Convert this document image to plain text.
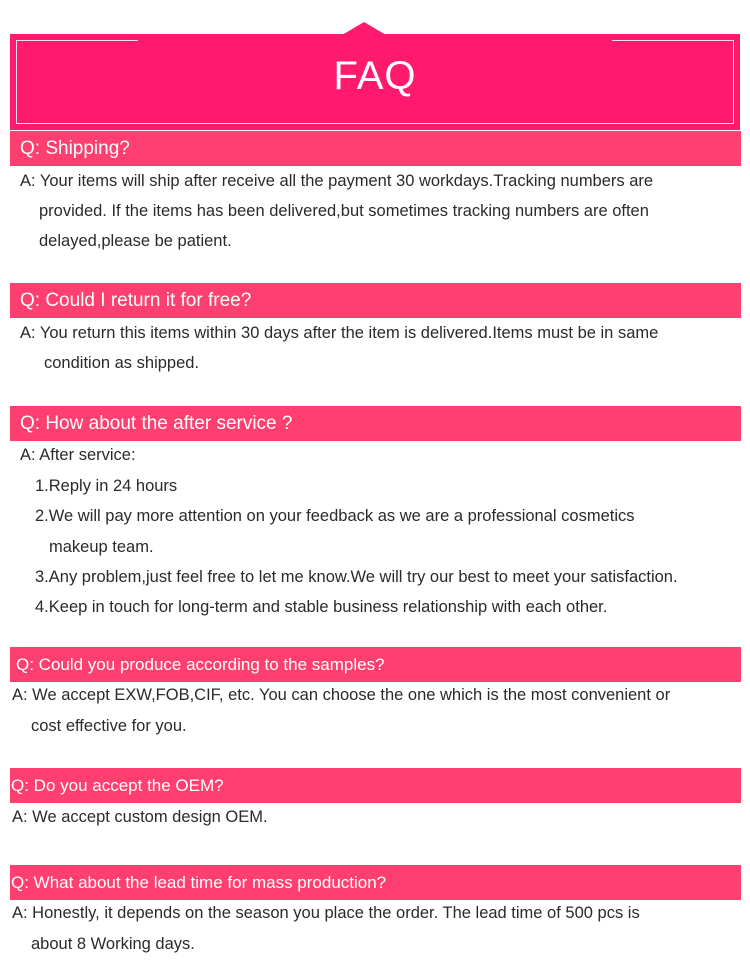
FAQ
Q: Shipping?
A: Your items will ship after receive all the payment 30 workdays.Tracking numbers are
provided. If the items has been delivered,but sometimes tracking numbers are often
delayed,please be patient.
Q: Could I return it for free?
A: You return this items within 30 days after the item is delivered.Items must be in same
condition as shipped.
Q: How about the after service ?
A: After service:
1.Reply in 24 hours
2.We will pay more attention on your feedback as we are a professional cosmetics
makeup team.
3.Any problem,just feel free to let me know.We will try our best to meet your satisfaction.
4.Keep in touch for long-term and stable business relationship with each other.
Q: Could you produce according to the samples?
A: We accept EXW,FOB,CIF, etc. You can choose the one which is the most convenient or
cost effective for you.
Q: Do you accept the OEM?
A: We accept custom design OEM.
Q: What about the lead time for mass production?
A: Honestly, it depends on the season you place the order. The lead time of 500 pcs is
about 8 Working days.
